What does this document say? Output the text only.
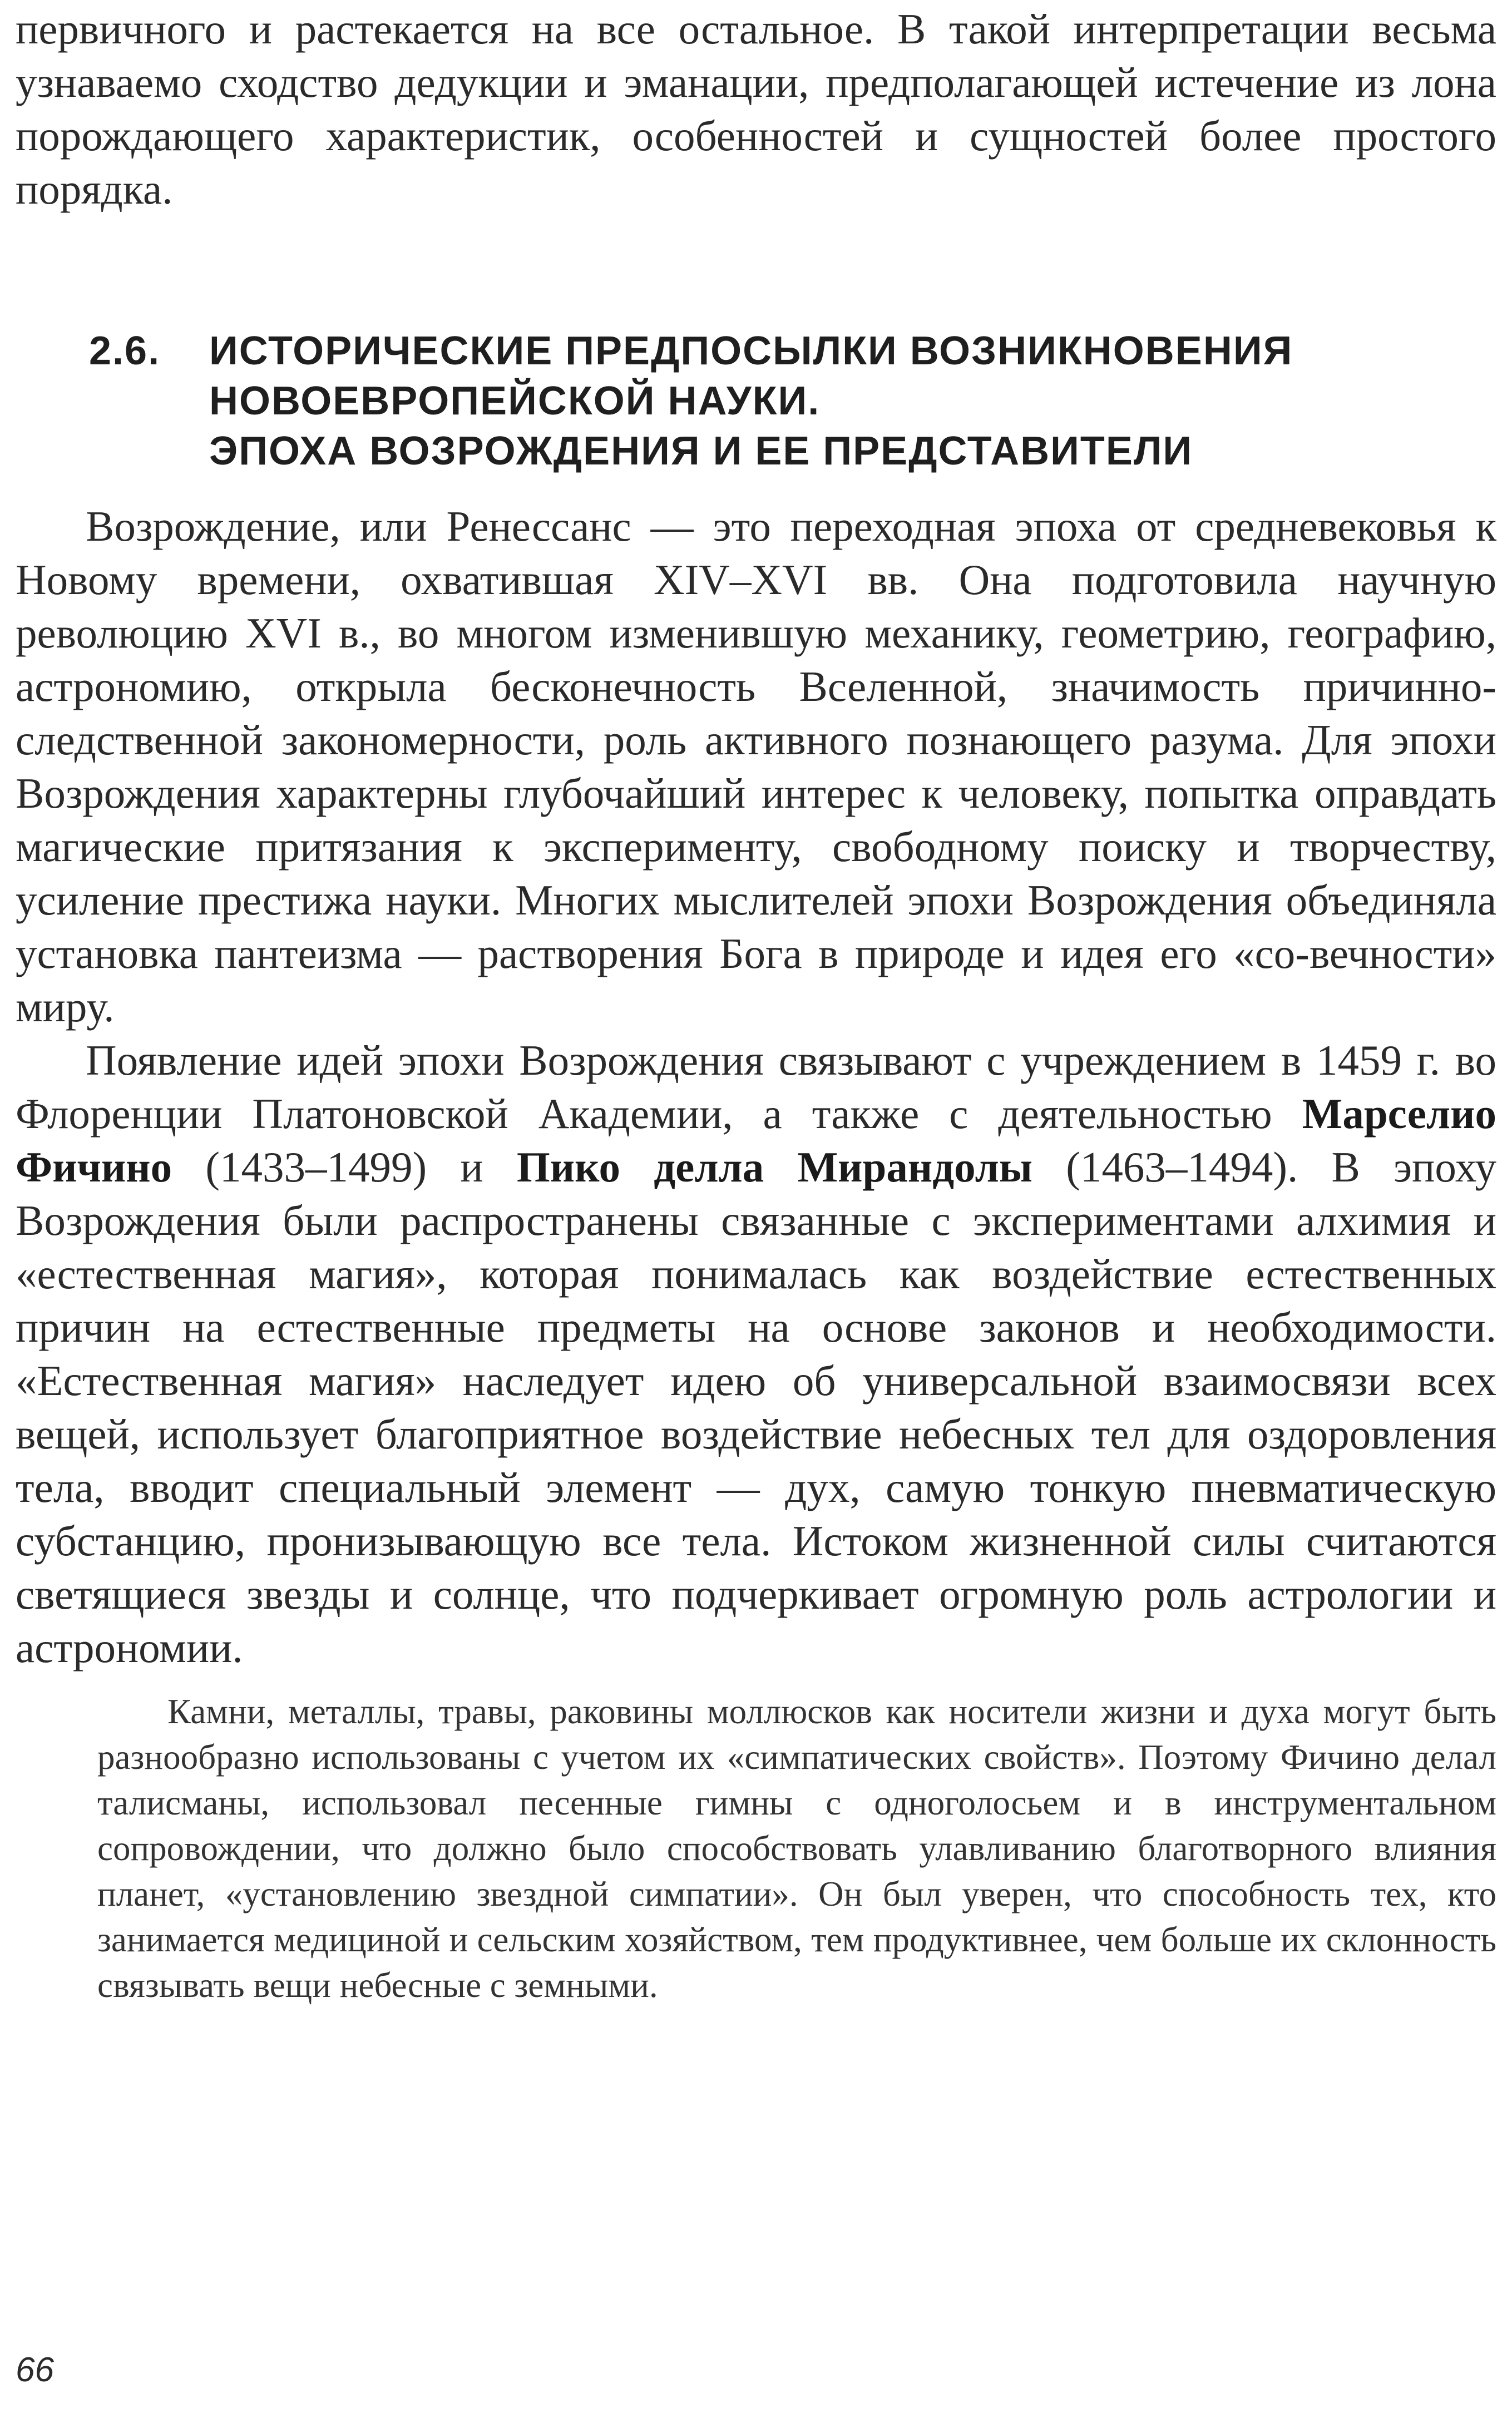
первичного и растекается на все остальное. В такой интерпретации весьма узнаваемо сходство дедукции и эманации, предполагающей истечение из лона порождающего характеристик, особенностей и сущностей более простого порядка.

2.6. ИСТОРИЧЕСКИЕ ПРЕДПОСЫЛКИ ВОЗНИКНОВЕНИЯ
НОВОЕВРОПЕЙСКОЙ НАУКИ.
ЭПОХА ВОЗРОЖДЕНИЯ И ЕЕ ПРЕДСТАВИТЕЛИ

Возрождение, или Ренессанс — это переходная эпоха от средневековья к Новому времени, охватившая XIV–XVI вв. Она подготовила научную революцию XVI в., во многом изменившую механику, геометрию, географию, астрономию, открыла бесконечность Вселенной, значимость причинно-следственной закономерности, роль активного познающего разума. Для эпохи Возрождения характерны глубочайший интерес к человеку, попытка оправдать магические притязания к эксперименту, свободному поиску и творчеству, усиление престижа науки. Многих мыслителей эпохи Возрождения объединяла установка пантеизма — растворения Бога в природе и идея его «со-вечности» миру.

Появление идей эпохи Возрождения связывают с учреждением в 1459 г. во Флоренции Платоновской Академии, а также с деятельностью Марселио Фичино (1433–1499) и Пико делла Мирандолы (1463–1494). В эпоху Возрождения были распространены связанные с экспериментами алхимия и «естественная магия», которая понималась как воздействие естественных причин на естественные предметы на основе законов и необходимости. «Естественная магия» наследует идею об универсальной взаимосвязи всех вещей, использует благоприятное воздействие небесных тел для оздоровления тела, вводит специальный элемент — дух, самую тонкую пневматическую субстанцию, пронизывающую все тела. Истоком жизненной силы считаются светящиеся звезды и солнце, что подчеркивает огромную роль астрологии и астрономии.

Камни, металлы, травы, раковины моллюсков как носители жизни и духа могут быть разнообразно использованы с учетом их «симпатических свойств». Поэтому Фичино делал талисманы, использовал песенные гимны с одноголосьем и в инструментальном сопровождении, что должно было способствовать улавливанию благотворного влияния планет, «установлению звездной симпатии». Он был уверен, что способность тех, кто занимается медициной и сельским хозяйством, тем продуктивнее, чем больше их склонность связывать вещи небесные с земными.

66
